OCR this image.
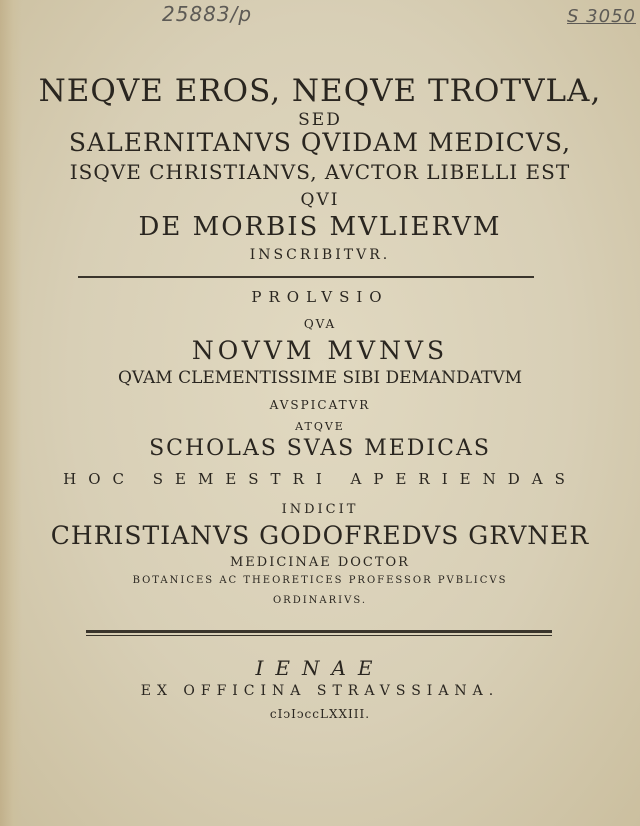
25883/p	S 3050

NEQVE EROS, NEQVE TROTVLA,

SED

SALERNITANVS QVIDAM MEDICVS,

ISQVE CHRISTIANVS, AVCTOR LIBELLI EST

QVI

DE MORBIS MVLIERVM

INSCRIBITVR.

PROLVSIO

QVA

NOVVM MVNVS

QVAM CLEMENTISSIME SIBI DEMANDATVM

AVSPICATVR

ATQVE

SCHOLAS SVAS MEDICAS

HOC SEMESTRI APERIENDAS

INDICIT

CHRISTIANVS GODOFREDVS GRVNER

MEDICINAE DOCTOR

BOTANICES AC THEORETICES PROFESSOR PVBLICVS

ORDINARIVS.

IENAE

EX OFFICINA STRAVSSIANA.

cIↄIↄccLXXIII.
